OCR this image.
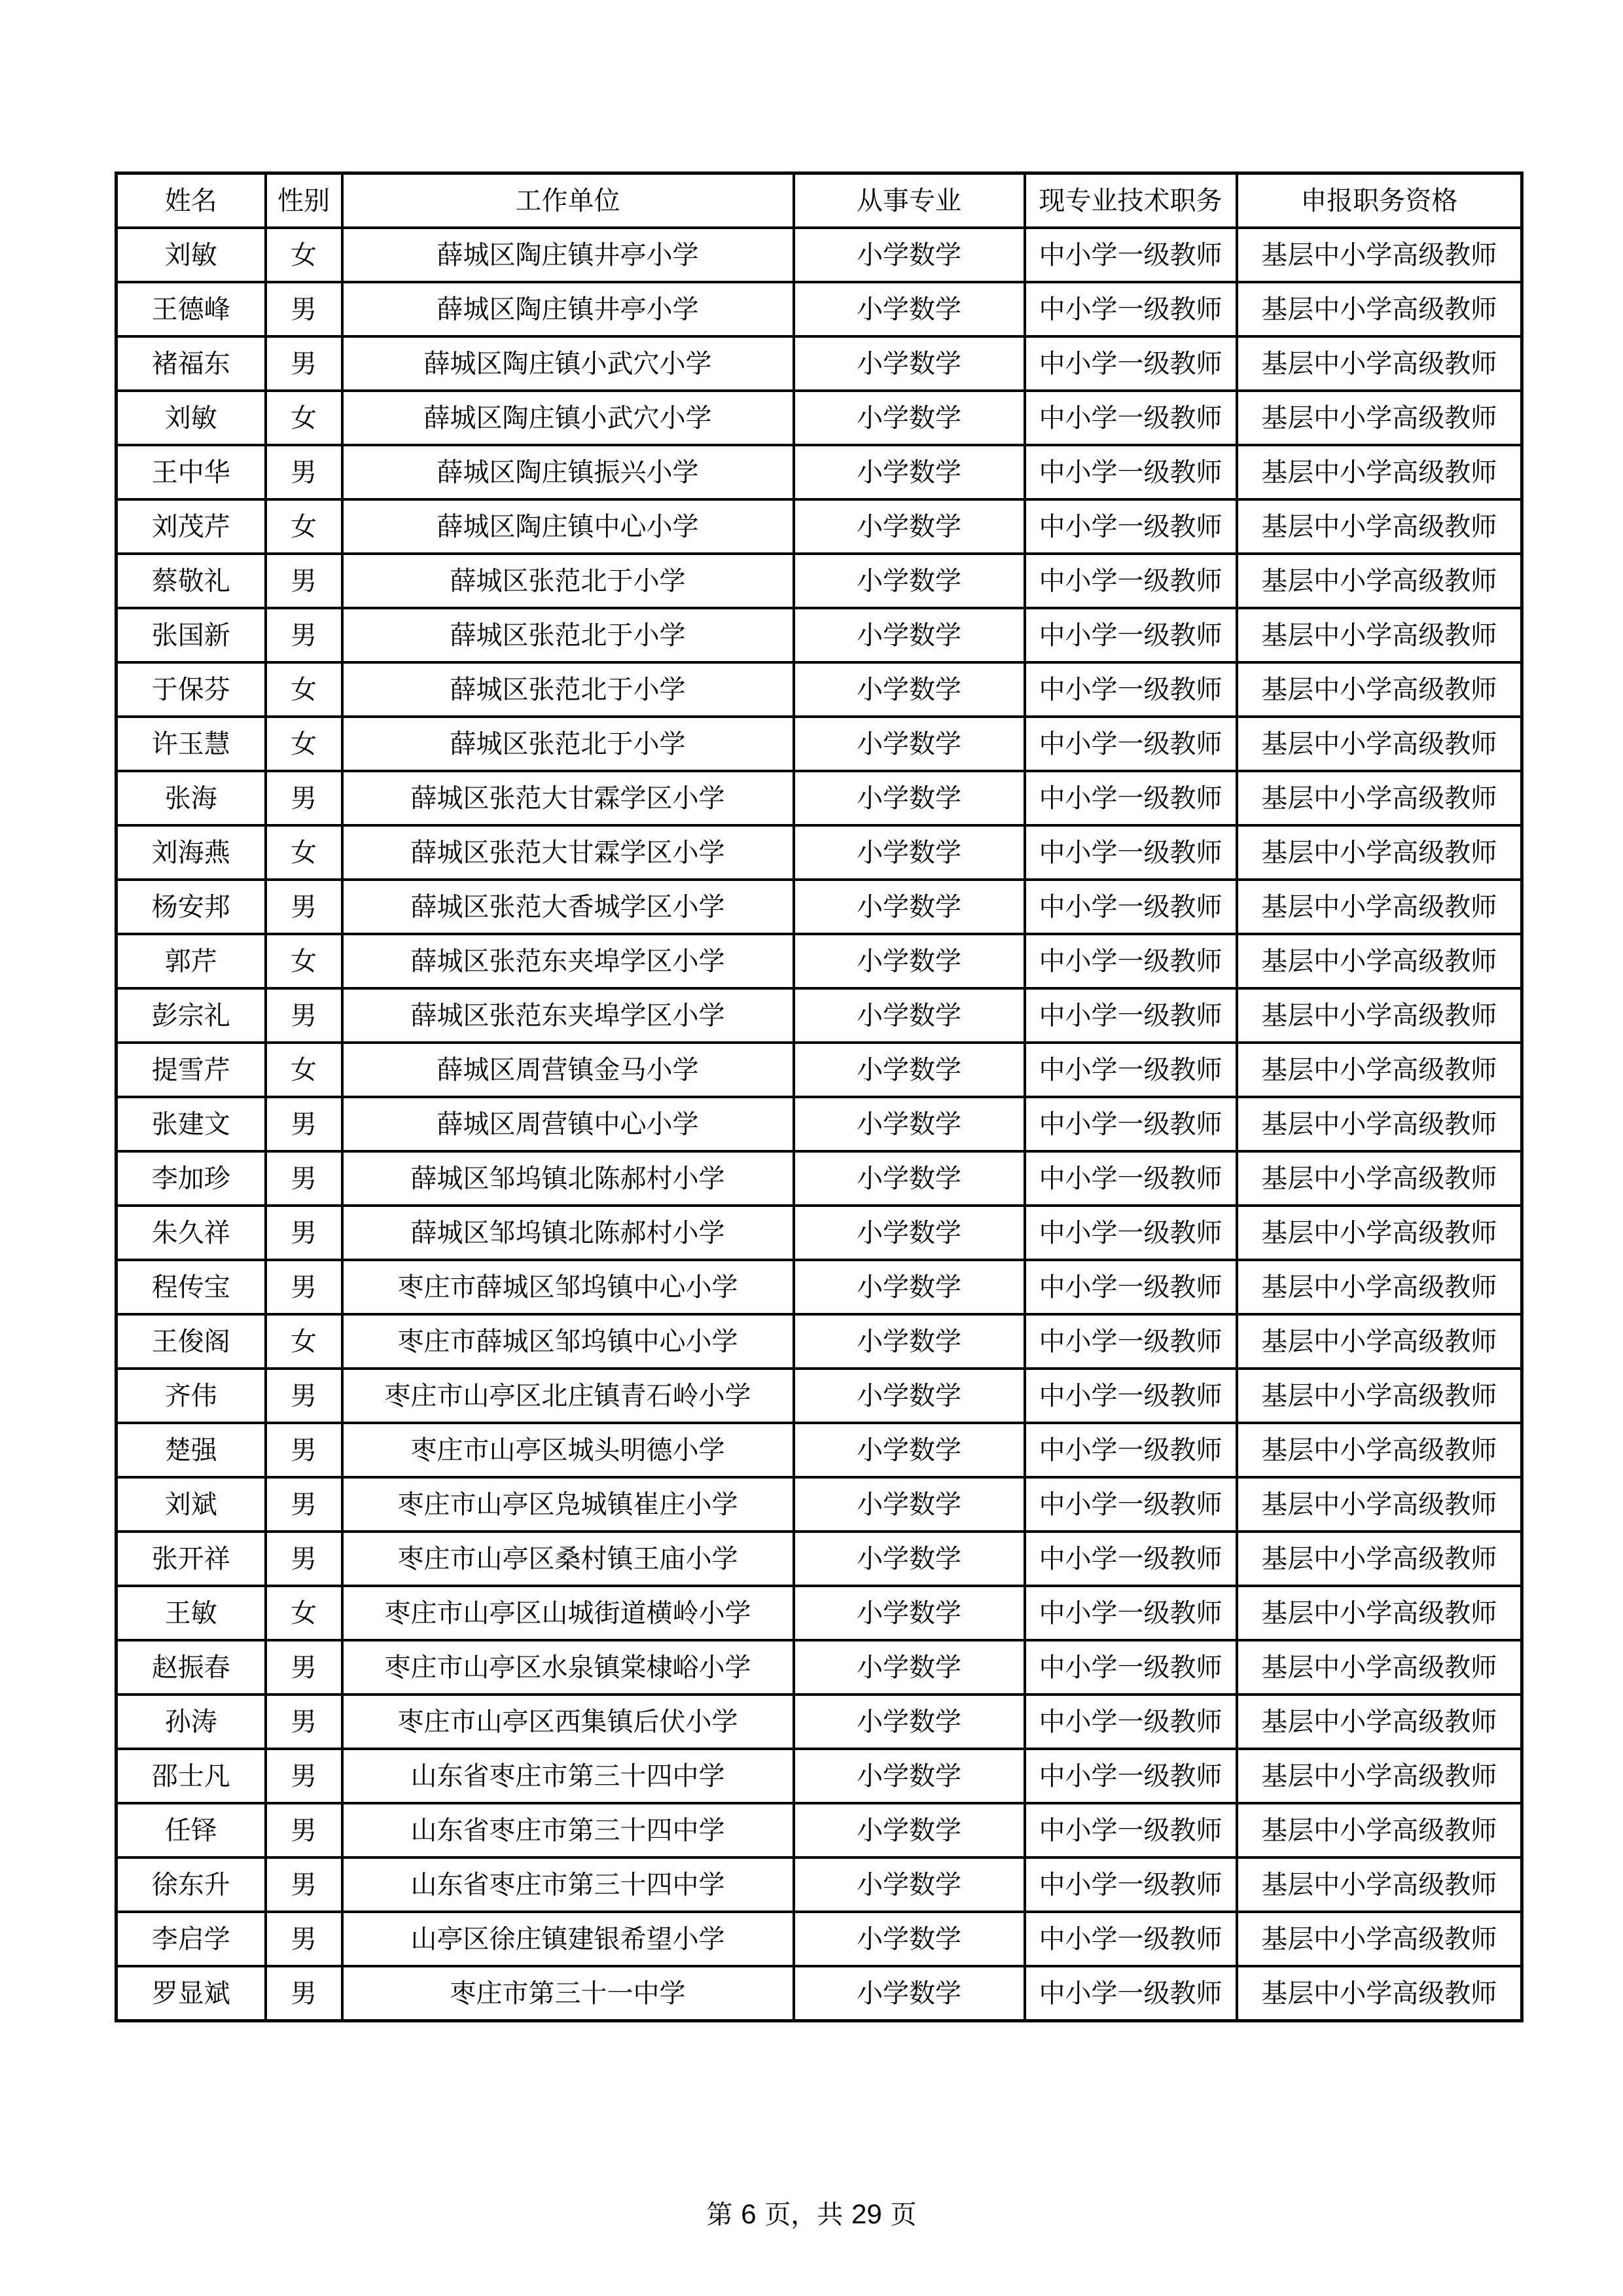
姓名	性别	工作单位	从事专业	现专业技术职务	申报职务资格
刘敏	女	薛城区陶庄镇井亭小学	小学数学	中小学一级教师	基层中小学高级教师
王德峰	男	薛城区陶庄镇井亭小学	小学数学	中小学一级教师	基层中小学高级教师
褚福东	男	薛城区陶庄镇小武穴小学	小学数学	中小学一级教师	基层中小学高级教师
刘敏	女	薛城区陶庄镇小武穴小学	小学数学	中小学一级教师	基层中小学高级教师
王中华	男	薛城区陶庄镇振兴小学	小学数学	中小学一级教师	基层中小学高级教师
刘茂芹	女	薛城区陶庄镇中心小学	小学数学	中小学一级教师	基层中小学高级教师
蔡敬礼	男	薛城区张范北于小学	小学数学	中小学一级教师	基层中小学高级教师
张国新	男	薛城区张范北于小学	小学数学	中小学一级教师	基层中小学高级教师
于保芬	女	薛城区张范北于小学	小学数学	中小学一级教师	基层中小学高级教师
许玉慧	女	薛城区张范北于小学	小学数学	中小学一级教师	基层中小学高级教师
张海	男	薛城区张范大甘霖学区小学	小学数学	中小学一级教师	基层中小学高级教师
刘海燕	女	薛城区张范大甘霖学区小学	小学数学	中小学一级教师	基层中小学高级教师
杨安邦	男	薛城区张范大香城学区小学	小学数学	中小学一级教师	基层中小学高级教师
郭芹	女	薛城区张范东夹埠学区小学	小学数学	中小学一级教师	基层中小学高级教师
彭宗礼	男	薛城区张范东夹埠学区小学	小学数学	中小学一级教师	基层中小学高级教师
提雪芹	女	薛城区周营镇金马小学	小学数学	中小学一级教师	基层中小学高级教师
张建文	男	薛城区周营镇中心小学	小学数学	中小学一级教师	基层中小学高级教师
李加珍	男	薛城区邹坞镇北陈郝村小学	小学数学	中小学一级教师	基层中小学高级教师
朱久祥	男	薛城区邹坞镇北陈郝村小学	小学数学	中小学一级教师	基层中小学高级教师
程传宝	男	枣庄市薛城区邹坞镇中心小学	小学数学	中小学一级教师	基层中小学高级教师
王俊阁	女	枣庄市薛城区邹坞镇中心小学	小学数学	中小学一级教师	基层中小学高级教师
齐伟	男	枣庄市山亭区北庄镇青石岭小学	小学数学	中小学一级教师	基层中小学高级教师
楚强	男	枣庄市山亭区城头明德小学	小学数学	中小学一级教师	基层中小学高级教师
刘斌	男	枣庄市山亭区凫城镇崔庄小学	小学数学	中小学一级教师	基层中小学高级教师
张开祥	男	枣庄市山亭区桑村镇王庙小学	小学数学	中小学一级教师	基层中小学高级教师
王敏	女	枣庄市山亭区山城街道横岭小学	小学数学	中小学一级教师	基层中小学高级教师
赵振春	男	枣庄市山亭区水泉镇棠棣峪小学	小学数学	中小学一级教师	基层中小学高级教师
孙涛	男	枣庄市山亭区西集镇后伏小学	小学数学	中小学一级教师	基层中小学高级教师
邵士凡	男	山东省枣庄市第三十四中学	小学数学	中小学一级教师	基层中小学高级教师
任铎	男	山东省枣庄市第三十四中学	小学数学	中小学一级教师	基层中小学高级教师
徐东升	男	山东省枣庄市第三十四中学	小学数学	中小学一级教师	基层中小学高级教师
李启学	男	山亭区徐庄镇建银希望小学	小学数学	中小学一级教师	基层中小学高级教师
罗显斌	男	枣庄市第三十一中学	小学数学	中小学一级教师	基层中小学高级教师
第 6 页，共 29 页
